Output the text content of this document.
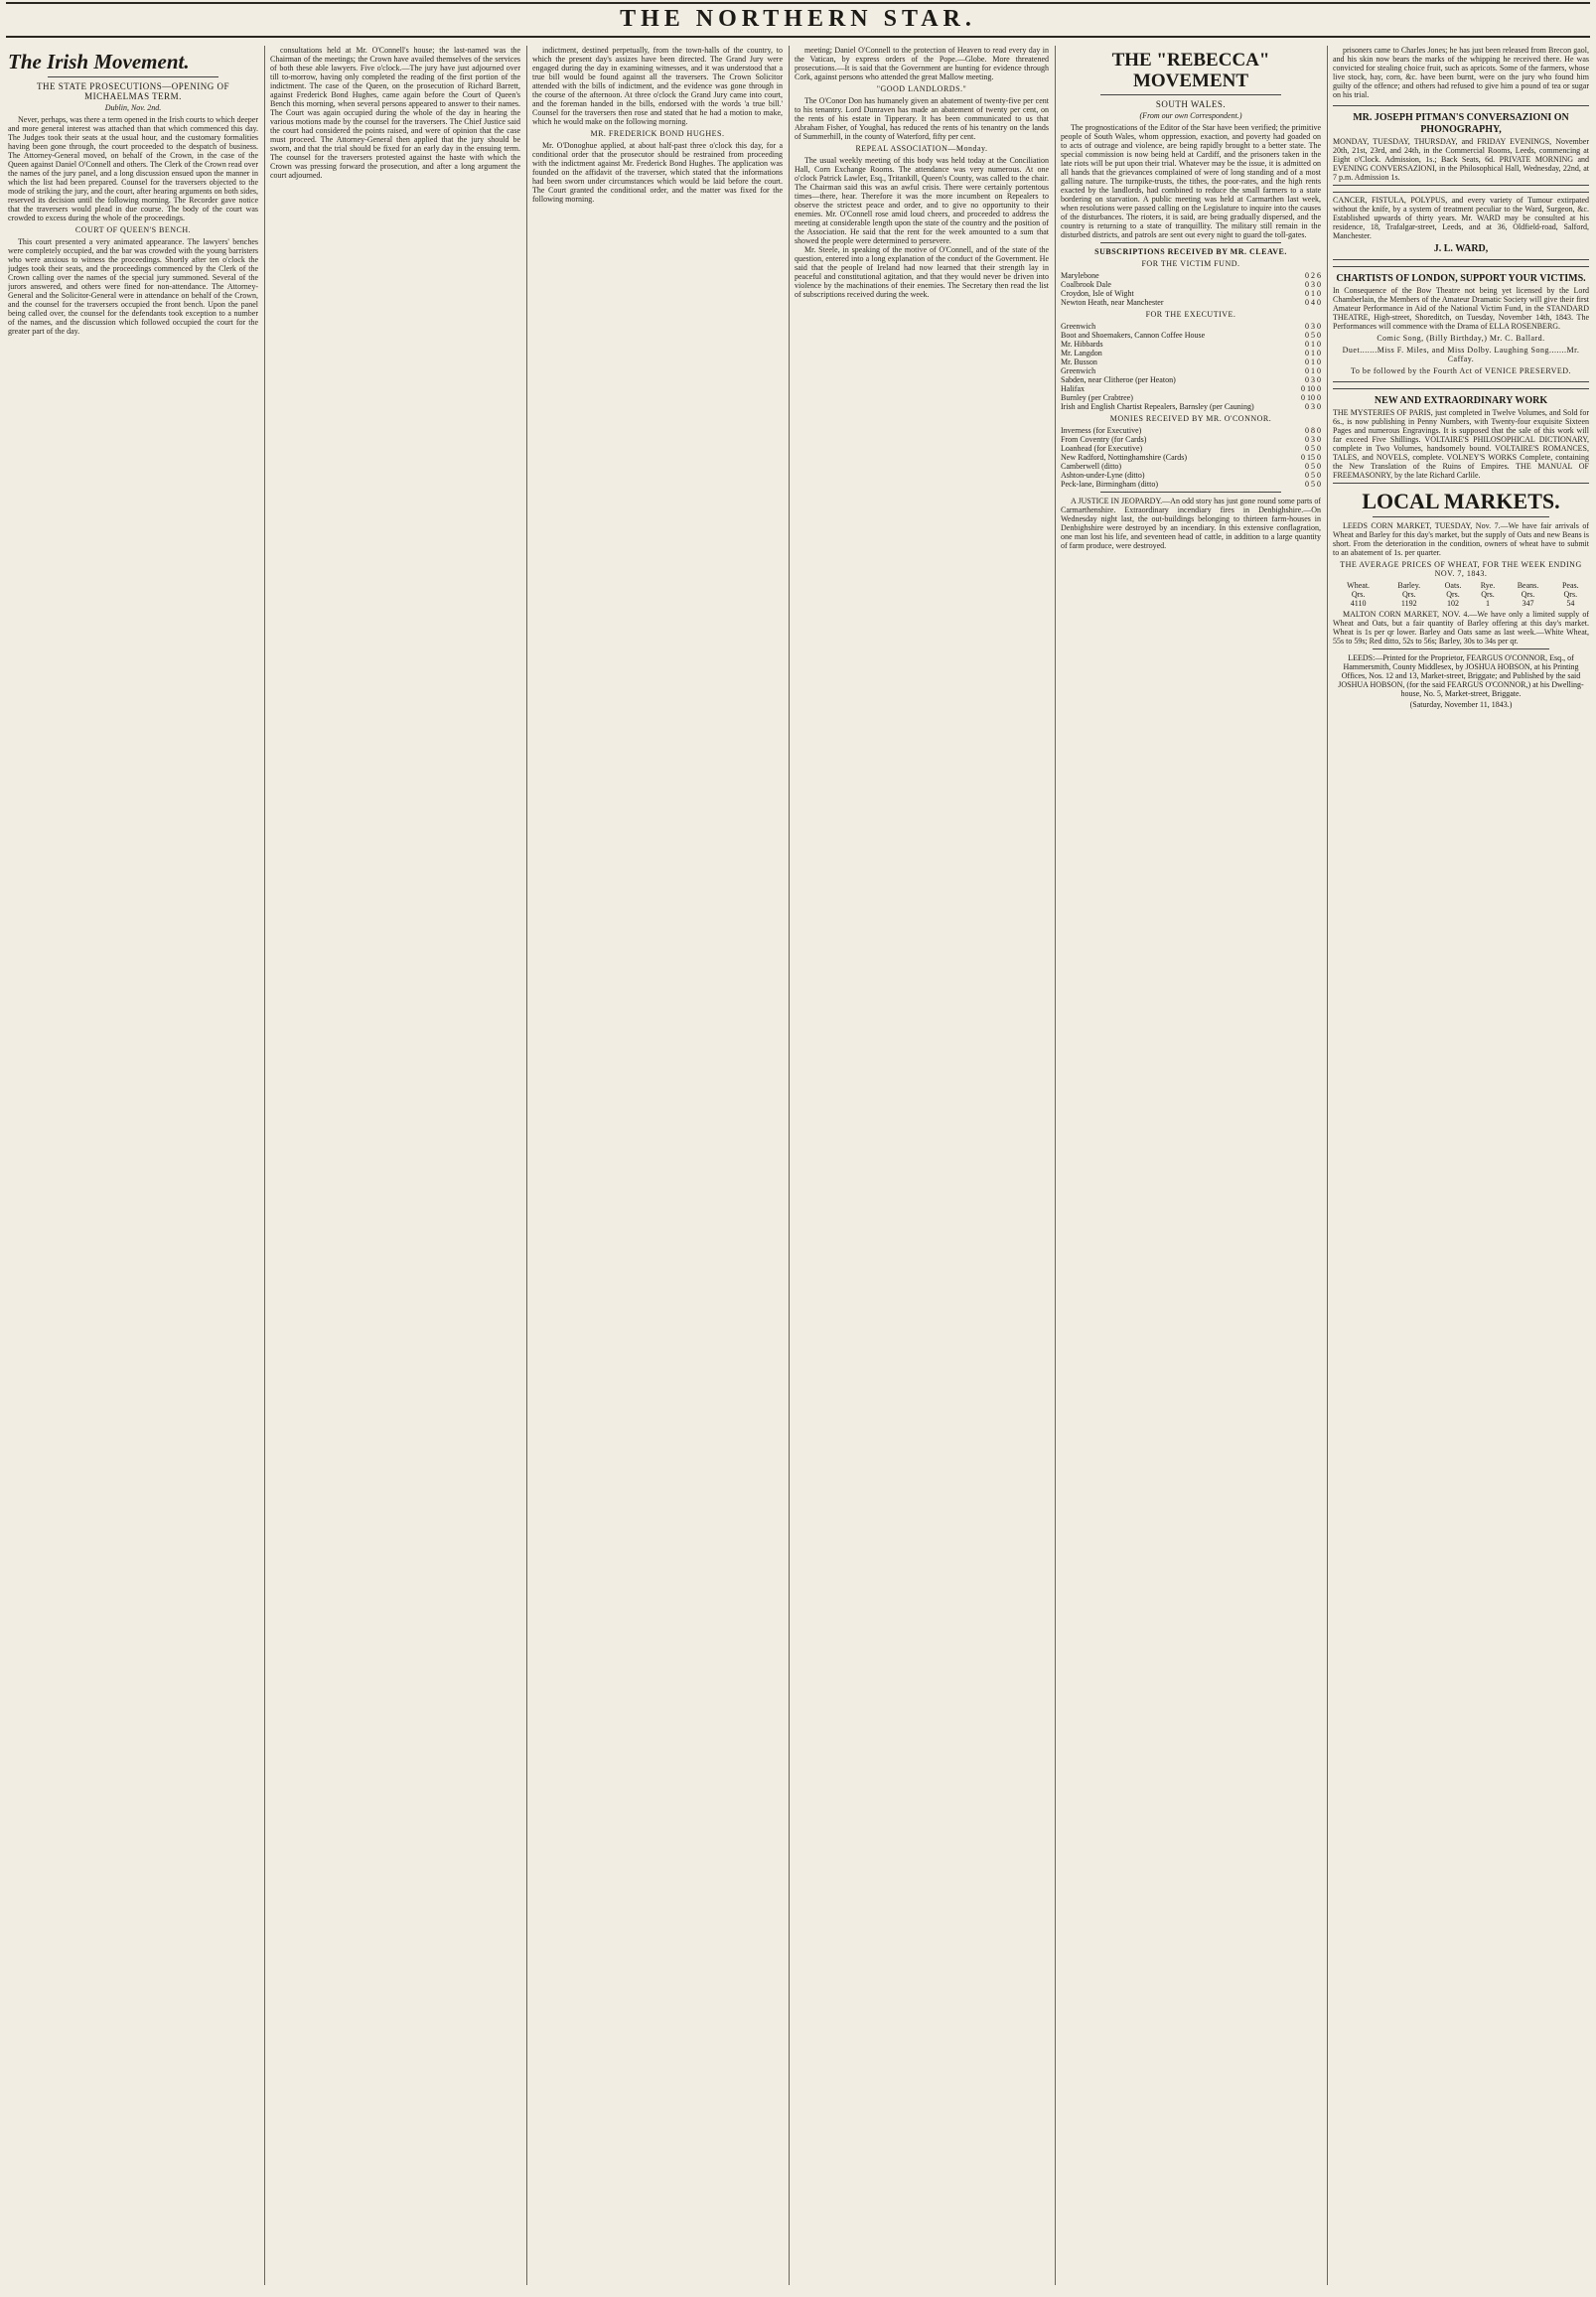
THE NORTHERN STAR.
The Irish Movement.
THE STATE PROSECUTIONS—OPENING OF MICHAELMAS TERM.
Dublin, Nov. 2nd.
Never, perhaps, was there a term opened in the Irish courts to which deeper and more general interest was attached than that which commenced this day. The Judges took their seats at the usual hour, and the customary formalities having been gone through, the court proceeded to the despatch of business. The Attorney-General moved, on behalf of the Crown, in the case of the Queen against Daniel O'Connell and others. The Clerk of the Crown read over the names of the jury panel, and a long discussion ensued upon the manner in which the list had been prepared. Counsel for the traversers objected to the mode of striking the jury, and the court, after hearing arguments on both sides, reserved its decision until the following morning. The Recorder gave notice that the traversers would plead in due course. The body of the court was crowded to excess during the whole of the proceedings.
COURT OF QUEEN'S BENCH.
This court presented a very animated appearance. The lawyers' benches were completely occupied, and the bar was crowded with the young barristers who were anxious to witness the proceedings. Shortly after ten o'clock the judges took their seats, and the proceedings commenced by the Clerk of the Crown calling over the names of the special jury summoned. Several of the jurors answered, and others were fined for non-attendance. The Attorney-General and the Solicitor-General were in attendance on behalf of the Crown, and the counsel for the traversers occupied the front bench. Upon the panel being called over, the counsel for the defendants took exception to a number of the names, and the discussion which followed occupied the court for the greater part of the day.
consultations held at Mr. O'Connell's house; the last-named was the Chairman of the meetings; the Crown have availed themselves of the services of both these able lawyers. Five o'clock.—The jury have just adjourned over till to-morrow, having only completed the reading of the first portion of the indictment. The case of the Queen, on the prosecution of Richard Barrett, against Frederick Bond Hughes, came again before the Court of Queen's Bench this morning, when several persons appeared to answer to their names. The Court was again occupied during the whole of the day in hearing the various motions made by the counsel for the traversers. The Chief Justice said the court had considered the points raised, and were of opinion that the case must proceed. The Attorney-General then applied that the jury should be sworn, and that the trial should be fixed for an early day in the ensuing term. The counsel for the traversers protested against the haste with which the Crown was pressing forward the prosecution, and after a long argument the court adjourned.
indictment, destined perpetually, from the town-halls of the country, to which the present day's assizes have been directed. The Grand Jury were engaged during the day in examining witnesses, and it was understood that a true bill would be found against all the traversers. The Crown Solicitor attended with the bills of indictment, and the evidence was gone through in the course of the afternoon. At three o'clock the Grand Jury came into court, and the foreman handed in the bills, endorsed with the words 'a true bill.' Counsel for the traversers then rose and stated that he had a motion to make, which he would make on the following morning.
MR. FREDERICK BOND HUGHES.
Mr. O'Donoghue applied, at about half-past three o'clock this day, for a conditional order that the prosecutor should be restrained from proceeding with the indictment against Mr. Frederick Bond Hughes. The application was founded on the affidavit of the traverser, which stated that the informations had been sworn under circumstances which would be laid before the court. The Court granted the conditional order, and the matter was fixed for the following morning.
meeting; Daniel O'Connell to the protection of Heaven to read every day in the Vatican, by express orders of the Pope.—Globe. More threatened prosecutions.—It is said that the Government are hunting for evidence through Cork, against persons who attended the great Mallow meeting.
"GOOD LANDLORDS."
The O'Conor Don has humanely given an abatement of twenty-five per cent to his tenantry. Lord Dunraven has made an abatement of twenty per cent, on the rents of his estate in Tipperary. It has been communicated to us that Abraham Fisher, of Youghal, has reduced the rents of his tenantry on the lands of Summerhill, in the county of Waterford, fifty per cent.
REPEAL ASSOCIATION—Monday.
The usual weekly meeting of this body was held today at the Conciliation Hall, Corn Exchange Rooms. The attendance was very numerous. At one o'clock Patrick Lawler, Esq., Tritankill, Queen's County, was called to the chair. The Chairman said this was an awful crisis. There were certainly portentous times—there, hear. Therefore it was the more incumbent on Repealers to observe the strictest peace and order, and to give no opportunity to their enemies. Mr. O'Connell rose amid loud cheers, and proceeded to address the meeting at considerable length upon the state of the country and the position of the Association. He said that the rent for the week amounted to a sum that showed the people were determined to persevere.
Mr. Steele, in speaking of the motive of O'Connell, and of the state of the question, entered into a long explanation of the conduct of the Government. He said that the people of Ireland had now learned that their strength lay in peaceful and constitutional agitation, and that they would never be driven into violence by the machinations of their enemies. The Secretary then read the list of subscriptions received during the week.
THE "REBECCA" MOVEMENT
SOUTH WALES.
(From our own Correspondent.)
The prognostications of the Editor of the Star have been verified; the primitive people of South Wales, whom oppression, exaction, and poverty had goaded on to acts of outrage and violence, are being rapidly brought to a better state. The special commission is now being held at Cardiff, and the prisoners taken in the late riots will be put upon their trial. Whatever may be the issue, it is admitted on all hands that the grievances complained of were of long standing and of a most galling nature. The turnpike-trusts, the tithes, the poor-rates, and the high rents exacted by the landlords, had combined to reduce the small farmers to a state bordering on starvation. A public meeting was held at Carmarthen last week, when resolutions were passed calling on the Legislature to inquire into the causes of the disturbances. The rioters, it is said, are being gradually dispersed, and the country is returning to a state of tranquillity. The military still remain in the disturbed districts, and patrols are sent out every night to guard the toll-gates.
SUBSCRIPTIONS RECEIVED BY MR. CLEAVE.
FOR THE VICTIM FUND.
Marylebone	0 2 6
Coalbrook Dale	0 3 0
Croydon, Isle of Wight	0 1 0
Newton Heath, near Manchester	0 4 0
FOR THE EXECUTIVE.
Greenwich	0 3 0
Boot and Shoemakers, Cannon Coffee House	0 5 0
Mr. Hibbards	0 1 0
Mr. Langdon	0 1 0
Mr. Busson	0 1 0
Greenwich	0 1 0
Sabden, near Clitheroe (per Heaton)	0 3 0
Halifax	0 10 0
Burnley (per Crabtree)	0 10 0
Irish and English Chartist Repealers, Barnsley (per Cauning)	0 3 0
MONIES RECEIVED BY MR. O'CONNOR.
Inverness (for Executive)	0 8 0
From Coventry (for Cards)	0 3 0
Loanhead (for Executive)	0 5 0
New Radford, Nottinghamshire (Cards)	0 15 0
Camberwell (ditto)	0 5 0
Ashton-under-Lyne (ditto)	0 5 0
Peck-lane, Birmingham (ditto)	0 5 0
A JUSTICE IN JEOPARDY.—An odd story has just gone round some parts of Carmarthenshire. Extraordinary incendiary fires in Denbighshire.—On Wednesday night last, the out-buildings belonging to thirteen farm-houses in Denbighshire were destroyed by an incendiary. In this extensive conflagration, one man lost his life, and seventeen head of cattle, in addition to a large quantity of farm produce, were destroyed.
prisoners came to Charles Jones; he has just been released from Brecon gaol, and his skin now bears the marks of the whipping he received there. He was convicted for stealing choice fruit, such as apricots. Some of the farmers, whose live stock, hay, corn, &c. have been burnt, were on the jury who found him guilty of the offence; and others had refused to give him a pound of tea or sugar on his trial.
MR. JOSEPH PITMAN'S CONVERSAZIONI ON PHONOGRAPHY,
MONDAY, TUESDAY, THURSDAY, and FRIDAY EVENINGS, November 20th, 21st, 23rd, and 24th, in the Commercial Rooms, Leeds, commencing at Eight o'Clock. Admission, 1s.; Back Seats, 6d. PRIVATE MORNING and EVENING CONVERSAZIONI, in the Philosophical Hall, Wednesday, 22nd, at 7 p.m. Admission 1s.
CANCER, FISTULA, POLYPUS, and every variety of Tumour extirpated without the knife, by a system of treatment peculiar to the Ward, Surgeon, &c. Established upwards of thirty years. Mr. WARD may be consulted at his residence, 18, Trafalgar-street, Leeds, and at 36, Oldfield-road, Salford, Manchester.
J. L. WARD,
CHARTISTS OF LONDON, SUPPORT YOUR VICTIMS.
In Consequence of the Bow Theatre not being yet licensed by the Lord Chamberlain, the Members of the Amateur Dramatic Society will give their first Amateur Performance in Aid of the National Victim Fund, in the STANDARD THEATRE, High-street, Shoreditch, on Tuesday, November 14th, 1843. The Performances will commence with the Drama of ELLA ROSENBERG.
Comic Song, (Billy Birthday,) Mr. C. Ballard.
Duet.......Miss F. Miles, and Miss Dolby. Laughing Song.......Mr. Caffay.
To be followed by the Fourth Act of VENICE PRESERVED.
NEW AND EXTRAORDINARY WORK
THE MYSTERIES OF PARIS, just completed in Twelve Volumes, and Sold for 6s., is now publishing in Penny Numbers, with Twenty-four exquisite Sixteen Pages and numerous Engravings. It is supposed that the sale of this work will far exceed Five Shillings. VOLTAIRE'S PHILOSOPHICAL DICTIONARY, complete in Two Volumes, handsomely bound. VOLTAIRE'S ROMANCES, TALES, and NOVELS, complete. VOLNEY'S WORKS Complete, containing the New Translation of the Ruins of Empires. THE MANUAL OF FREEMASONRY, by the late Richard Carlile.
LOCAL MARKETS.
LEEDS CORN MARKET, TUESDAY, Nov. 7.—We have fair arrivals of Wheat and Barley for this day's market, but the supply of Oats and new Beans is short. From the deterioration in the condition, owners of wheat have to submit to an abatement of 1s. per quarter.
THE AVERAGE PRICES OF WHEAT, FOR THE WEEK ENDING NOV. 7, 1843.
Wheat.	Barley.	Oats.	Rye.	Beans.	Peas.
Qrs.	Qrs.	Qrs.	Qrs.	Qrs.	Qrs.
4110	1192	102	1	347	54
MALTON CORN MARKET, NOV. 4.—We have only a limited supply of Wheat and Oats, but a fair quantity of Barley offering at this day's market. Wheat is 1s per qr lower. Barley and Oats same as last week.—White Wheat, 55s to 59s; Red ditto, 52s to 56s; Barley, 30s to 34s per qr.
LEEDS:—Printed for the Proprietor, FEARGUS O'CONNOR, Esq., of Hammersmith, County Middlesex, by JOSHUA HOBSON, at his Printing Offices, Nos. 12 and 13, Market-street, Briggate; and Published by the said JOSHUA HOBSON, (for the said FEARGUS O'CONNOR,) at his Dwelling-house, No. 5, Market-street, Briggate.
(Saturday, November 11, 1843.)
